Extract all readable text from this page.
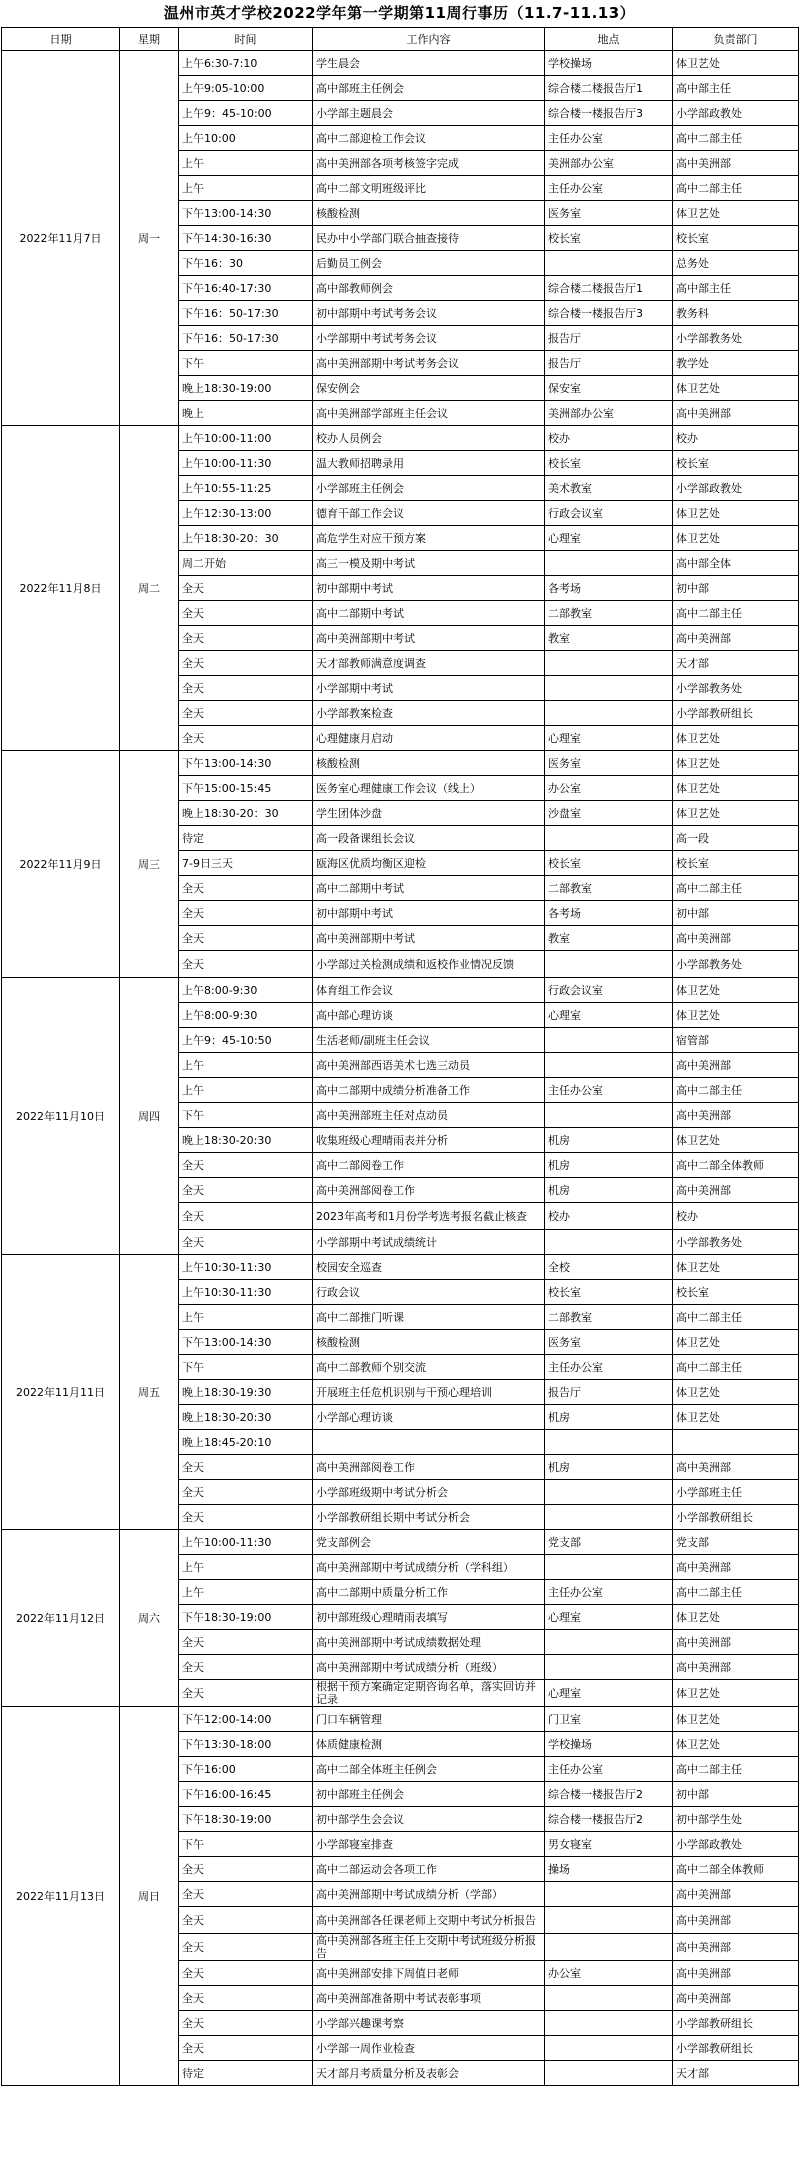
温州市英才学校2022学年第一学期第11周行事历（11.7-11.13）
日期	星期	时间	工作内容	地点	负责部门
2022年11月7日	周一	上午6:30-7:10	学生晨会	学校操场	体卫艺处
		上午9:05-10:00	高中部班主任例会	综合楼二楼报告厅1	高中部主任
		上午9：45-10:00	小学部主题晨会	综合楼一楼报告厅3	小学部政教处
		上午10:00	高中二部迎检工作会议	主任办公室	高中二部主任
		上午	高中美洲部各项考核签字完成	美洲部办公室	高中美洲部
		上午	高中二部文明班级评比	主任办公室	高中二部主任
		下午13:00-14:30	核酸检测	医务室	体卫艺处
		下午14:30-16:30	民办中小学部门联合抽查接待	校长室	校长室
		下午16：30	后勤员工例会		总务处
		下午16:40-17:30	高中部教师例会	综合楼二楼报告厅1	高中部主任
		下午16：50-17:30	初中部期中考试考务会议	综合楼一楼报告厅3	教务科
		下午16：50-17:30	小学部期中考试考务会议	报告厅	小学部教务处
		下午	高中美洲部期中考试考务会议	报告厅	教学处
		晚上18:30-19:00	保安例会	保安室	体卫艺处
		晚上	高中美洲部学部班主任会议	美洲部办公室	高中美洲部
2022年11月8日	周二	上午10:00-11:00	校办人员例会	校办	校办
		上午10:00-11:30	温大教师招聘录用	校长室	校长室
		上午10:55-11:25	小学部班主任例会	美术教室	小学部政教处
		上午12:30-13:00	德育干部工作会议	行政会议室	体卫艺处
		上午18:30-20：30	高危学生对应干预方案	心理室	体卫艺处
		周二开始	高三一模及期中考试		高中部全体
		全天	初中部期中考试	各考场	初中部
		全天	高中二部期中考试	二部教室	高中二部主任
		全天	高中美洲部期中考试	教室	高中美洲部
		全天	天才部教师满意度调查		天才部
		全天	小学部期中考试		小学部教务处
		全天	小学部教案检查		小学部教研组长
		全天	心理健康月启动	心理室	体卫艺处
2022年11月9日	周三	下午13:00-14:30	核酸检测	医务室	体卫艺处
		下午15:00-15:45	医务室心理健康工作会议（线上）	办公室	体卫艺处
		晚上18:30-20：30	学生团体沙盘	沙盘室	体卫艺处
		待定	高一段备课组长会议		高一段
		7-9日三天	瓯海区优质均衡区迎检	校长室	校长室
		全天	高中二部期中考试	二部教室	高中二部主任
		全天	初中部期中考试	各考场	初中部
		全天	高中美洲部期中考试	教室	高中美洲部
		全天	小学部过关检测成绩和返校作业情况反馈		小学部教务处
2022年11月10日	周四	上午8:00-9:30	体育组工作会议	行政会议室	体卫艺处
		上午8:00-9:30	高中部心理访谈	心理室	体卫艺处
		上午9：45-10:50	生活老师/副班主任会议		宿管部
		上午	高中美洲部西语美术七选三动员		高中美洲部
		上午	高中二部期中成绩分析准备工作	主任办公室	高中二部主任
		下午	高中美洲部班主任对点动员		高中美洲部
		晚上18:30-20:30	收集班级心理晴雨表并分析	机房	体卫艺处
		全天	高中二部阅卷工作	机房	高中二部全体教师
		全天	高中美洲部阅卷工作	机房	高中美洲部
		全天	2023年高考和1月份学考选考报名截止核查	校办	校办
		全天	小学部期中考试成绩统计		小学部教务处
2022年11月11日	周五	上午10:30-11:30	校园安全巡查	全校	体卫艺处
		上午10:30-11:30	行政会议	校长室	校长室
		上午	高中二部推门听课	二部教室	高中二部主任
		下午13:00-14:30	核酸检测	医务室	体卫艺处
		下午	高中二部教师个别交流	主任办公室	高中二部主任
		晚上18:30-19:30	开展班主任危机识别与干预心理培训	报告厅	体卫艺处
		晚上18:30-20:30	小学部心理访谈	机房	体卫艺处
		晚上18:45-20:10			
		全天	高中美洲部阅卷工作	机房	高中美洲部
		全天	小学部班级期中考试分析会		小学部班主任
		全天	小学部教研组长期中考试分析会		小学部教研组长
2022年11月12日	周六	上午10:00-11:30	党支部例会	党支部	党支部
		上午	高中美洲部期中考试成绩分析（学科组）		高中美洲部
		上午	高中二部期中质量分析工作	主任办公室	高中二部主任
		下午18:30-19:00	初中部班级心理晴雨表填写	心理室	体卫艺处
		全天	高中美洲部期中考试成绩数据处理		高中美洲部
		全天	高中美洲部期中考试成绩分析（班级）		高中美洲部
		全天	根据干预方案确定定期咨询名单，落实回访并记录	心理室	体卫艺处
2022年11月13日	周日	下午12:00-14:00	门口车辆管理	门卫室	体卫艺处
		下午13:30-18:00	体质健康检测	学校操场	体卫艺处
		下午16:00	高中二部全体班主任例会	主任办公室	高中二部主任
		下午16:00-16:45	初中部班主任例会	综合楼一楼报告厅2	初中部
		下午18:30-19:00	初中部学生会会议	综合楼一楼报告厅2	初中部学生处
		下午	小学部寝室排查	男女寝室	小学部政教处
		全天	高中二部运动会各项工作	操场	高中二部全体教师
		全天	高中美洲部期中考试成绩分析（学部）		高中美洲部
		全天	高中美洲部各任课老师上交期中考试分析报告		高中美洲部
		全天	高中美洲部各班主任上交期中考试班级分析报告		高中美洲部
		全天	高中美洲部安排下周值日老师	办公室	高中美洲部
		全天	高中美洲部准备期中考试表彰事项		高中美洲部
		全天	小学部兴趣课考察		小学部教研组长
		全天	小学部一周作业检查		小学部教研组长
		待定	天才部月考质量分析及表彰会		天才部
